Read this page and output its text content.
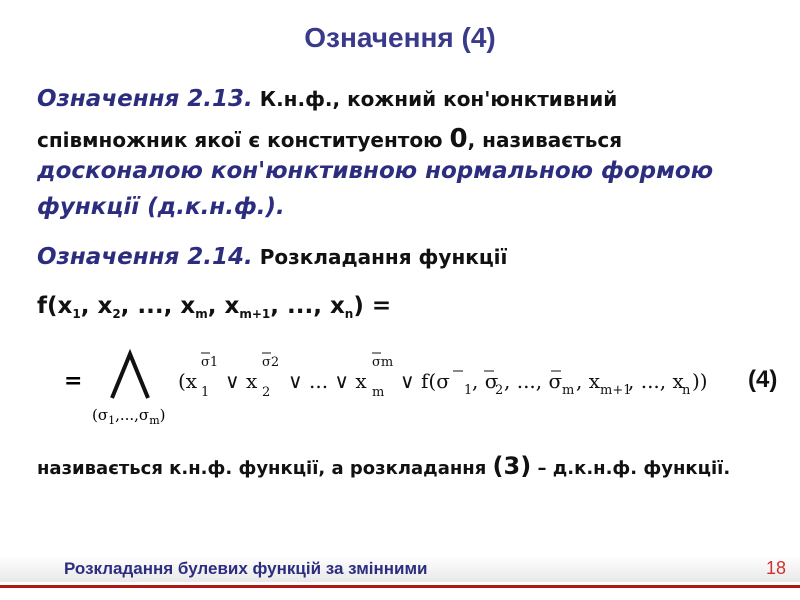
Означення (4)
Означення 2.13. К.н.ф., кожний кон'юнктивний
співмножник якої є конституентою 0, називається
досконалою кон'юнктивною нормальною формою
функції (д.к.н.ф.).
Означення 2.14. Розкладання функції
$f(x_1$, $x_2$, ..., $x_m$, $x_{m+1}$, ..., $x_n$) =
=
$(\sigma_1,...,\sigma_m)$
(x
σ1
1 ∨ x
σ2
2 ∨ ... ∨ x
σm
m ∨ f(σ 1 , σ
2 , ..., σ m , x m+1
, ..., x
n )) (4)
називається к.н.ф. функції, а розкладання (3) – д.к.н.ф. функції.
Розкладання булевих функцій за змінними	18
